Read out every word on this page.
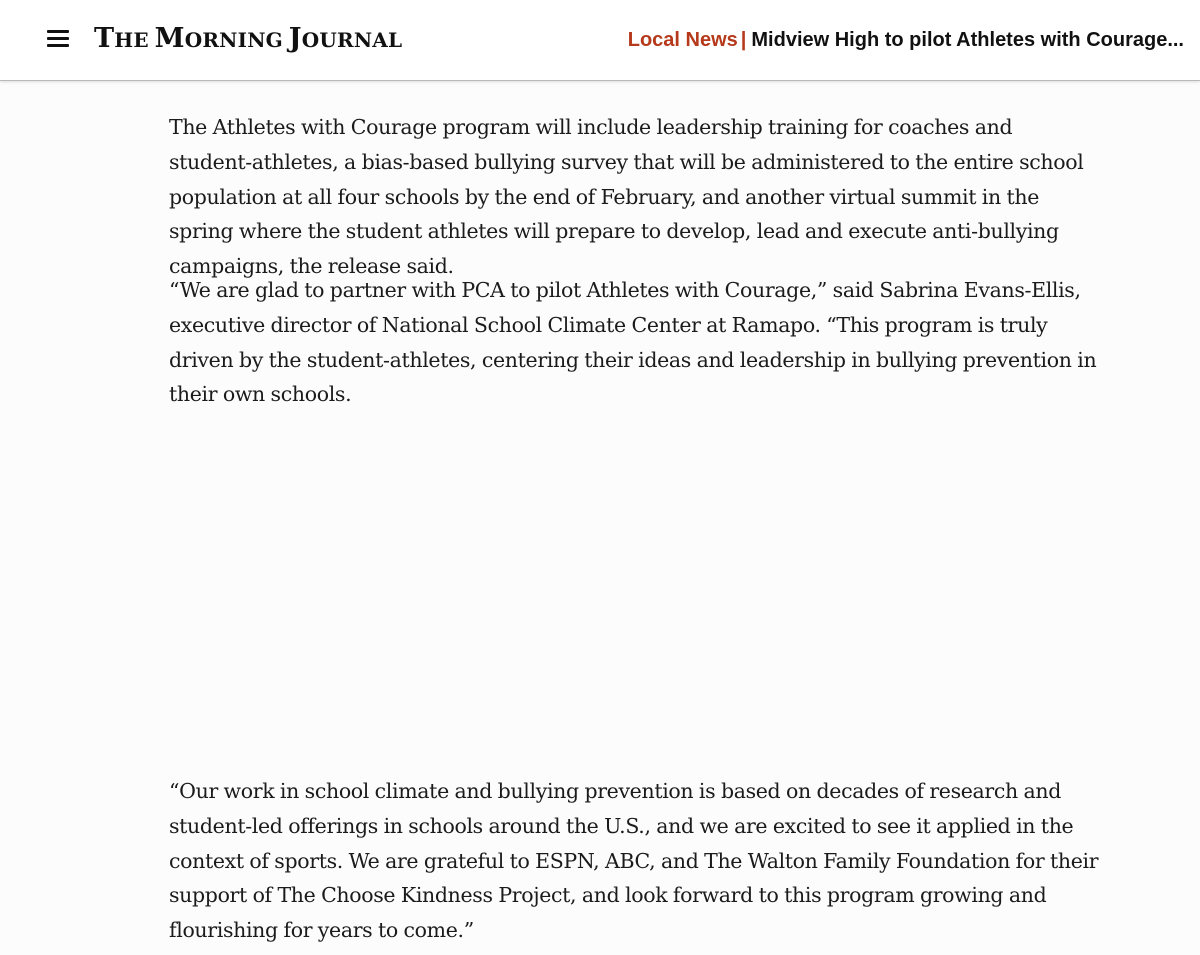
THE MORNING JOURNAL	Local News | Midview High to pilot Athletes with Courage...

The Athletes with Courage program will include leadership training for coaches and student-athletes, a bias-based bullying survey that will be administered to the entire school population at all four schools by the end of February, and another virtual summit in the spring where the student athletes will prepare to develop, lead and execute anti-bullying campaigns, the release said.

“We are glad to partner with PCA to pilot Athletes with Courage,” said Sabrina Evans-Ellis, executive director of National School Climate Center at Ramapo. “This program is truly driven by the student-athletes, centering their ideas and leadership in bullying prevention in their own schools.

“Our work in school climate and bullying prevention is based on decades of research and student-led offerings in schools around the U.S., and we are excited to see it applied in the context of sports. We are grateful to ESPN, ABC, and The Walton Family Foundation for their support of The Choose Kindness Project, and look forward to this program growing and flourishing for years to come.”
